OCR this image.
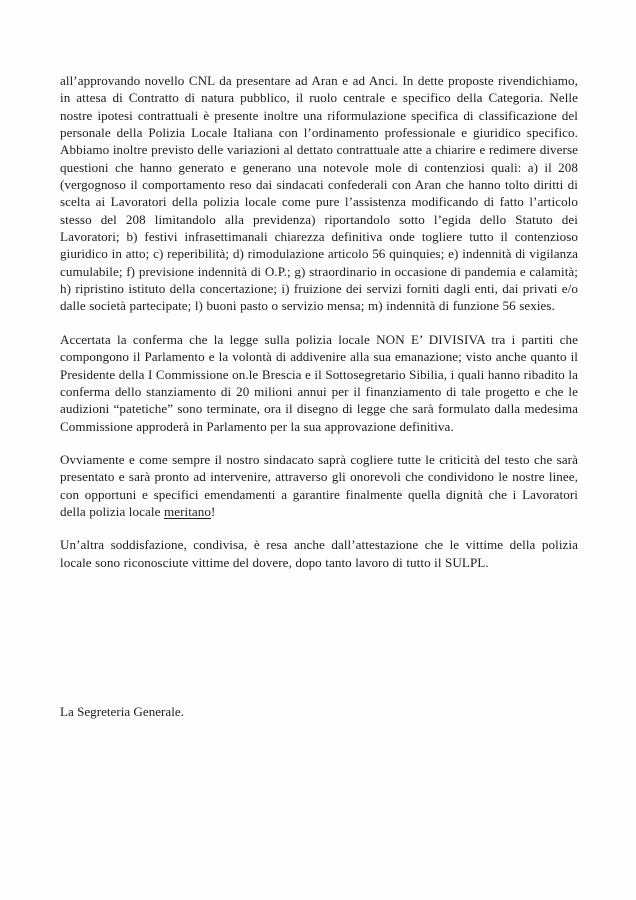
all’approvando novello CNL da presentare ad Aran e ad Anci. In dette proposte rivendichiamo, in attesa di Contratto di natura pubblico, il ruolo centrale e specifico della Categoria. Nelle nostre ipotesi contrattuali è presente inoltre una riformulazione specifica di classificazione del personale della Polizia Locale Italiana con l’ordinamento professionale e giuridico specifico. Abbiamo inoltre previsto delle variazioni al dettato contrattuale atte a chiarire e redimere diverse questioni che hanno generato e generano una notevole mole di contenziosi quali: a) il 208 (vergognoso il comportamento reso dai sindacati confederali con Aran che hanno tolto diritti di scelta ai Lavoratori della polizia locale come pure l’assistenza modificando di fatto l’articolo stesso del 208 limitandolo alla previdenza) riportandolo sotto l’egida dello Statuto dei Lavoratori; b) festivi infrasettimanali chiarezza definitiva onde togliere tutto il contenzioso giuridico in atto; c) reperibilità; d) rimodulazione articolo 56 quinquies; e) indennità di vigilanza cumulabile; f) previsione indennità di O.P.; g) straordinario in occasione di pandemia e calamità; h) ripristino istituto della concertazione; i) fruizione dei servizi forniti dagli enti, dai privati e/o dalle società partecipate; l) buoni pasto o servizio mensa; m) indennità di funzione 56 sexies.

Accertata la conferma che la legge sulla polizia locale NON E’ DIVISIVA tra i partiti che compongono il Parlamento e la volontà di addivenire alla sua emanazione; visto anche quanto il Presidente della I Commissione on.le Brescia e il Sottosegretario Sibilia, i quali hanno ribadito la conferma dello stanziamento di 20 milioni annui per il finanziamento di tale progetto e che le audizioni “patetiche” sono terminate, ora il disegno di legge che sarà formulato dalla medesima Commissione approderà in Parlamento per la sua approvazione definitiva.

Ovviamente e come sempre il nostro sindacato saprà cogliere tutte le criticità del testo che sarà presentato e sarà pronto ad intervenire, attraverso gli onorevoli che condividono le nostre linee, con opportuni e specifici emendamenti a garantire finalmente quella dignità che i Lavoratori della polizia locale meritano!

Un’altra soddisfazione, condivisa, è resa anche dall’attestazione che le vittime della polizia locale sono riconosciute vittime del dovere, dopo tanto lavoro di tutto il SULPL.

La Segreteria Generale.
